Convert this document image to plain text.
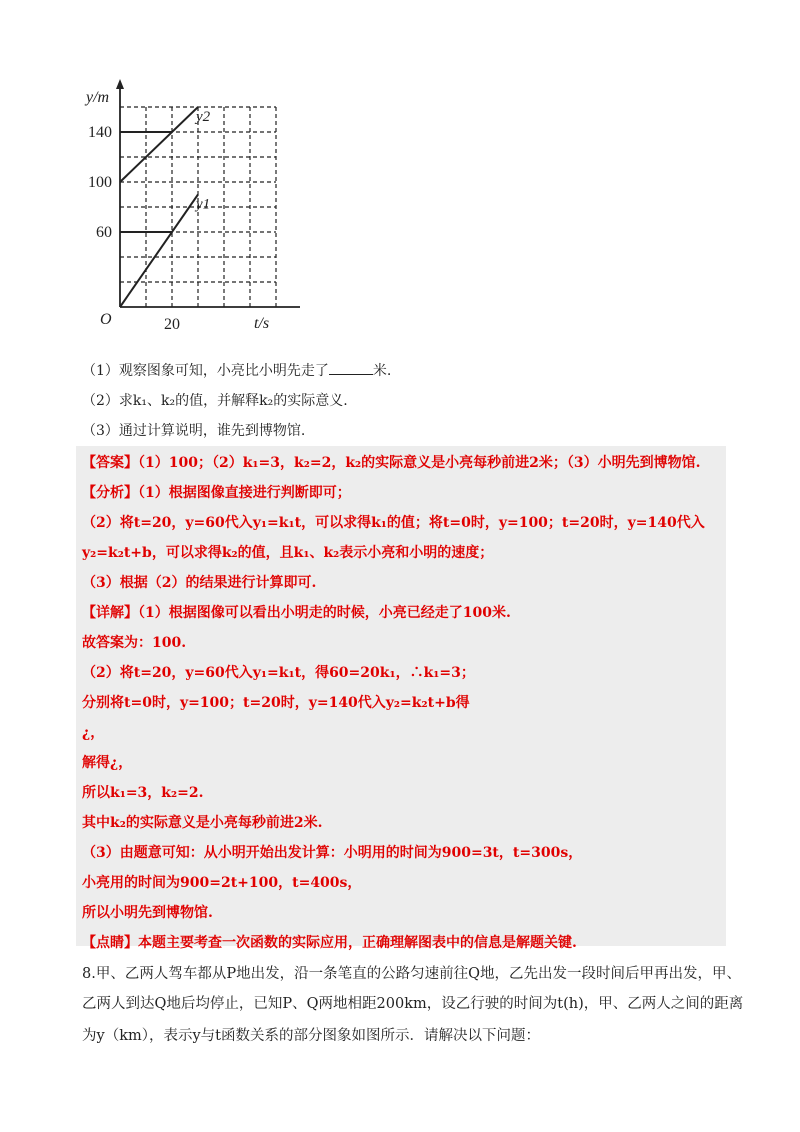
y/m
t/s
O
60
100
140
20
y1
y2
（1）观察图象可知，小亮比小明先走了	米.
（2）求k₁、k₂的值，并解释k₂的实际意义.
（3）通过计算说明，谁先到博物馆.
【答案】（1）100；（2）k₁=3，k₂=2，k₂的实际意义是小亮每秒前进2米；（3）小明先到博物馆.
【分析】（1）根据图像直接进行判断即可；
（2）将t=20，y=60代入y₁=k₁t，可以求得k₁的值；将t=0时，y=100；t=20时，y=140代入
y₂=k₂t+b，可以求得k₂的值，且k₁、k₂表示小亮和小明的速度；
（3）根据（2）的结果进行计算即可.
【详解】（1）根据图像可以看出小明走的时候，小亮已经走了100米.
故答案为：100.
（2）将t=20，y=60代入y₁=k₁t，得60=20k₁，∴k₁=3；
分别将t=0时，y=100；t=20时，y=140代入y₂=k₂t+b得
¿，
解得¿，
所以k₁=3，k₂=2.
其中k₂的实际意义是小亮每秒前进2米.
（3）由题意可知：从小明开始出发计算：小明用的时间为900=3t，t=300s，
小亮用的时间为900=2t+100，t=400s，
所以小明先到博物馆.
【点睛】本题主要考查一次函数的实际应用，正确理解图表中的信息是解题关键.
8.甲、乙两人驾车都从P地出发，沿一条笔直的公路匀速前往Q地，乙先出发一段时间后甲再出发，甲、
乙两人到达Q地后均停止，已知P、Q两地相距200km，设乙行驶的时间为t(h)，甲、乙两人之间的距离
为y（km），表示y与t函数关系的部分图象如图所示．请解决以下问题：
